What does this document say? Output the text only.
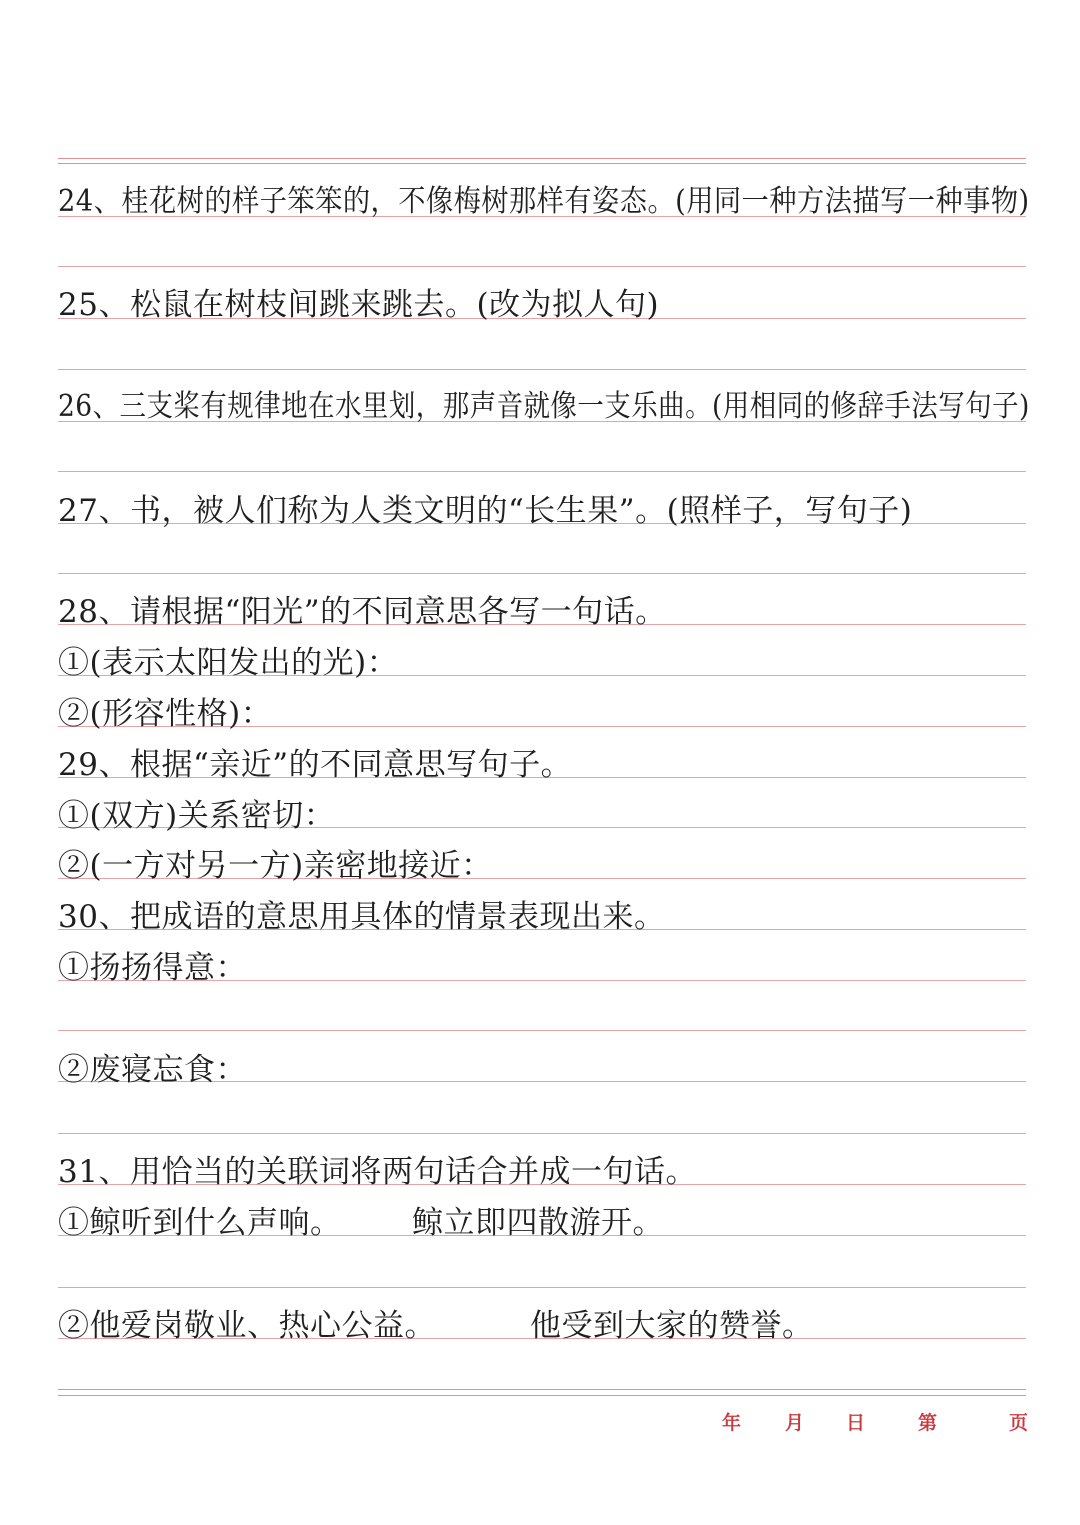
24、桂花树的样子笨笨的，不像梅树那样有姿态。(用同一种方法描写一种事物)
25、松鼠在树枝间跳来跳去。(改为拟人句)
26、三支桨有规律地在水里划，那声音就像一支乐曲。(用相同的修辞手法写句子)
27、书，被人们称为人类文明的“长生果”。(照样子，写句子)
28、请根据“阳光”的不同意思各写一句话。
①(表示太阳发出的光)：
②(形容性格)：
29、根据“亲近”的不同意思写句子。
①(双方)关系密切：
②(一方对另一方)亲密地接近：
30、把成语的意思用具体的情景表现出来。
①扬扬得意：
②废寝忘食：
31、用恰当的关联词将两句话合并成一句话。
①鲸听到什么声响。 鲸立即四散游开。
②他爱岗敬业、热心公益。	他受到大家的赞誉。
年 月 日	第	页
